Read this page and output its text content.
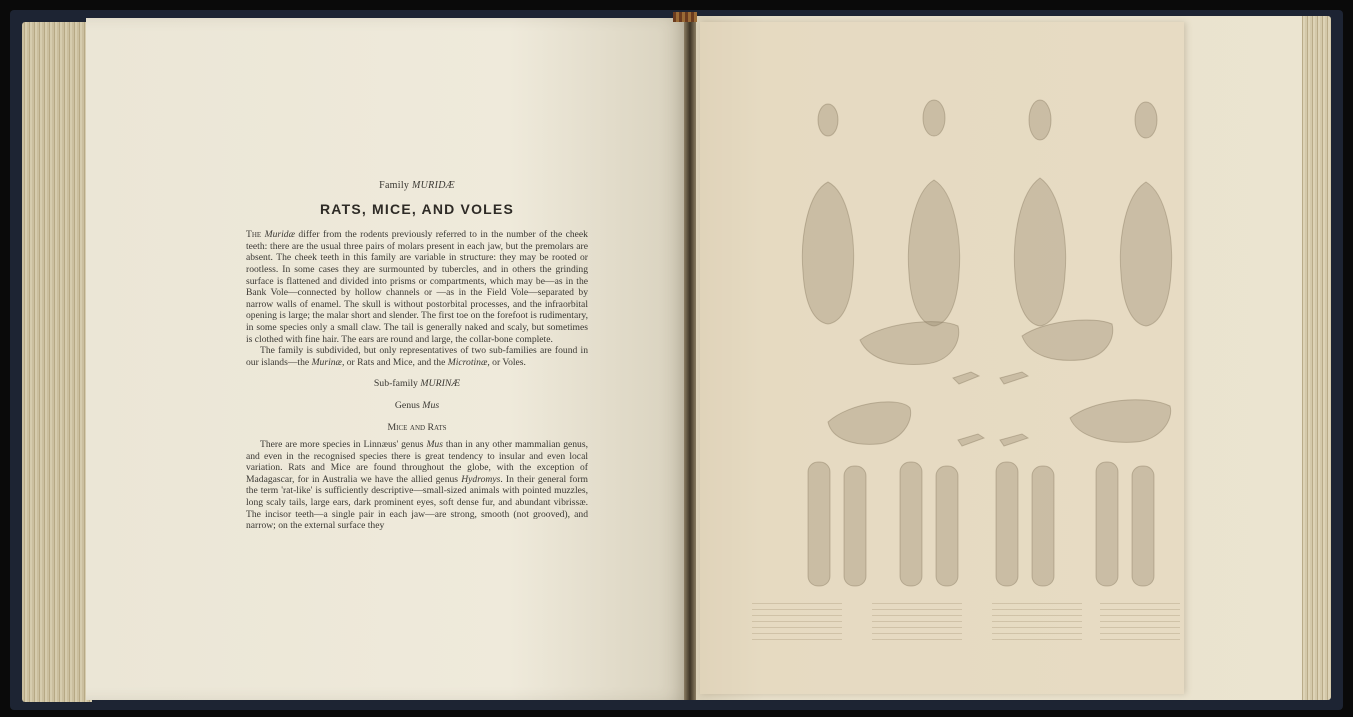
Family MURIDÆ
RATS, MICE, AND VOLES

The Muridæ differ from the rodents previously referred to in the number of the cheek teeth: there are the usual three pairs of molars present in each jaw, but the premolars are absent. The cheek teeth in this family are variable in structure: they may be rooted or rootless. In some cases they are surmounted by tubercles, and in others the grinding surface is flattened and divided into prisms or compartments, which may be—as in the Bank Vole—connected by hollow channels or —as in the Field Vole—separated by narrow walls of enamel. The skull is without postorbital processes, and the infraorbital opening is large; the malar short and slender. The first toe on the forefoot is rudimentary, in some species only a small claw. The tail is generally naked and scaly, but sometimes is clothed with fine hair. The ears are round and large, the collar-bone complete.

The family is subdivided, but only representatives of two sub-families are found in our islands—the Murinæ, or Rats and Mice, and the Microtinæ, or Voles.

Sub-family MURINÆ
Genus Mus
Mice and Rats

There are more species in Linnæus' genus Mus than in any other mammalian genus, and even in the recognised species there is great tendency to insular and even local variation. Rats and Mice are found throughout the globe, with the exception of Madagascar, for in Australia we have the allied genus Hydromys. In their general form the term 'rat-like' is sufficiently descriptive—small-sized animals with pointed muzzles, long scaly tails, large ears, dark prominent eyes, soft dense fur, and abundant vibrissæ. The incisor teeth—a single pair in each jaw—are strong, smooth (not grooved), and narrow; on the external surface they
